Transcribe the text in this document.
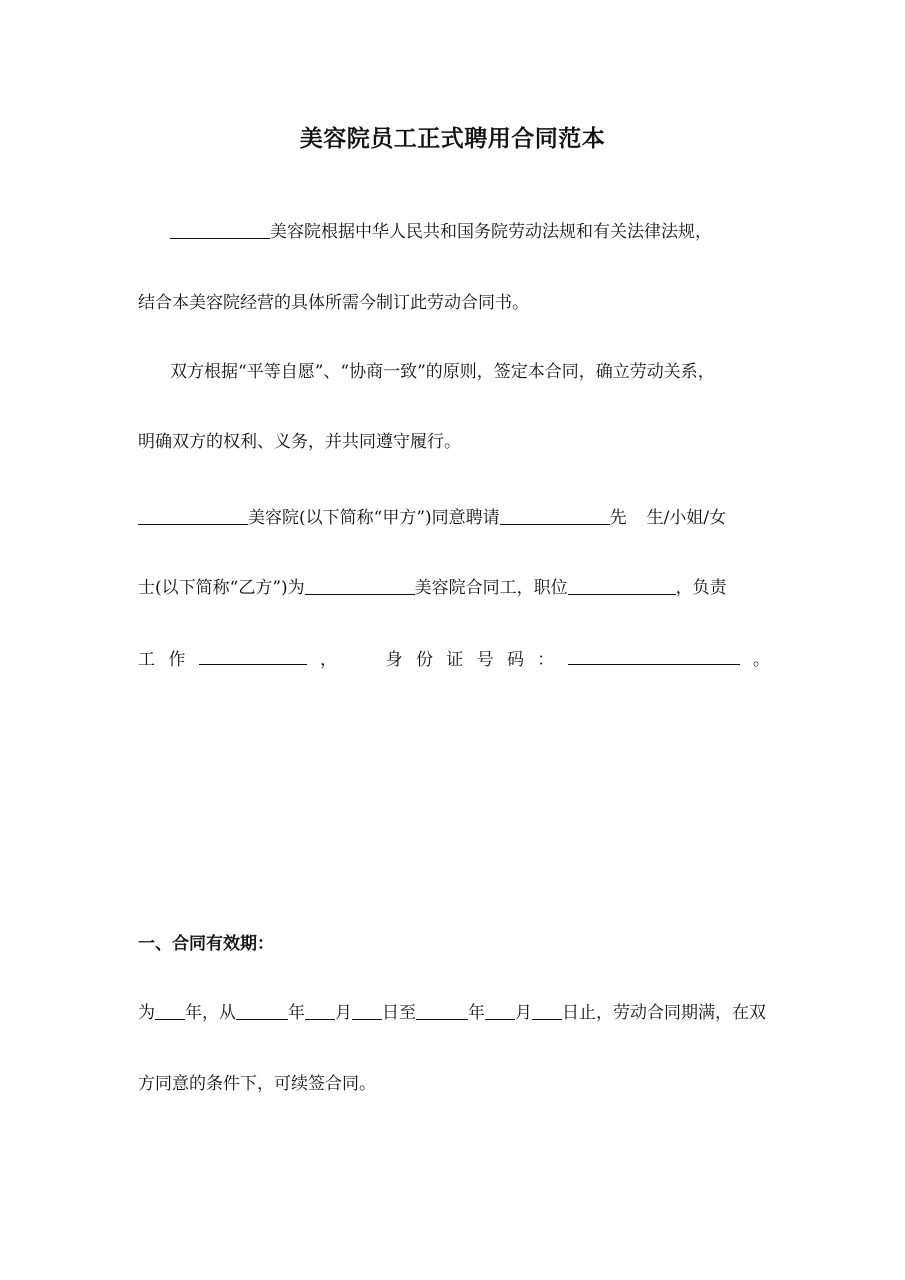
美容院员工正式聘用合同范本
美容院根据中华人民共和国务院劳动法规和有关法律法规，
结合本美容院经营的具体所需今制订此劳动合同书。
双方根据“平等自愿”、“协商一致”的原则，签定本合同，确立劳动关系，
明确双方的权利、义务，并共同遵守履行。
美容院(以下简称“甲方”)同意聘请	先 生/小姐/女
士(以下简称“乙方”)为	美容院合同工，职位	，负责
工 作	，	身 份 证 号 码 ：	。
一、合同有效期：
为 年，从	年 月 日至	年 月 日止，劳动合同期满，在双
方同意的条件下，可续签合同。
